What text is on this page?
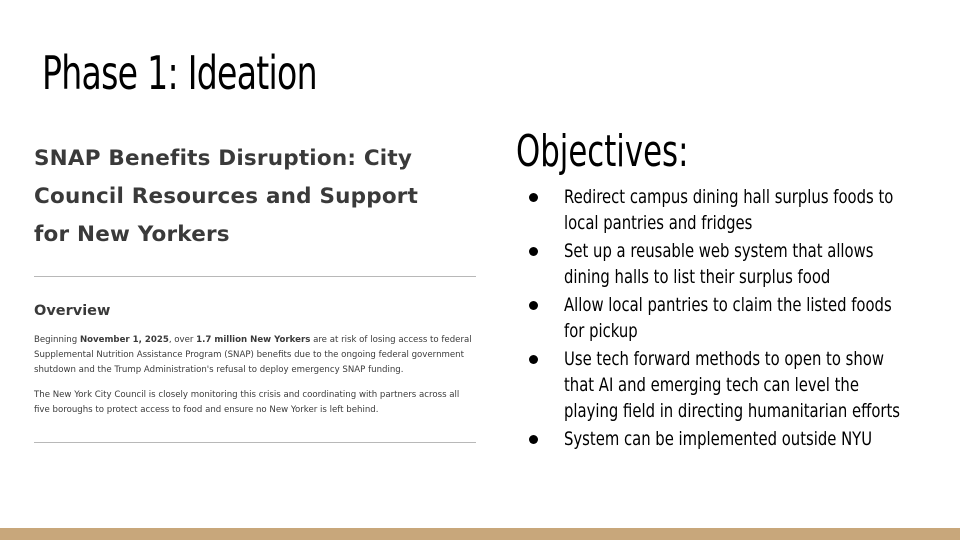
Phase 1: Ideation

SNAP Benefits Disruption: City
Council Resources and Support
for New Yorkers

Overview

Beginning November 1, 2025, over 1.7 million New Yorkers are at risk of losing access to federal Supplemental Nutrition Assistance Program (SNAP) benefits due to the ongoing federal government shutdown and the Trump Administration's refusal to deploy emergency SNAP funding.

The New York City Council is closely monitoring this crisis and coordinating with partners across all five boroughs to protect access to food and ensure no New Yorker is left behind.

Objectives:
Redirect campus dining hall surplus foods to local pantries and fridges
Set up a reusable web system that allows dining halls to list their surplus food
Allow local pantries to claim the listed foods for pickup
Use tech forward methods to open to show that AI and emerging tech can level the playing field in directing humanitarian efforts
System can be implemented outside NYU
